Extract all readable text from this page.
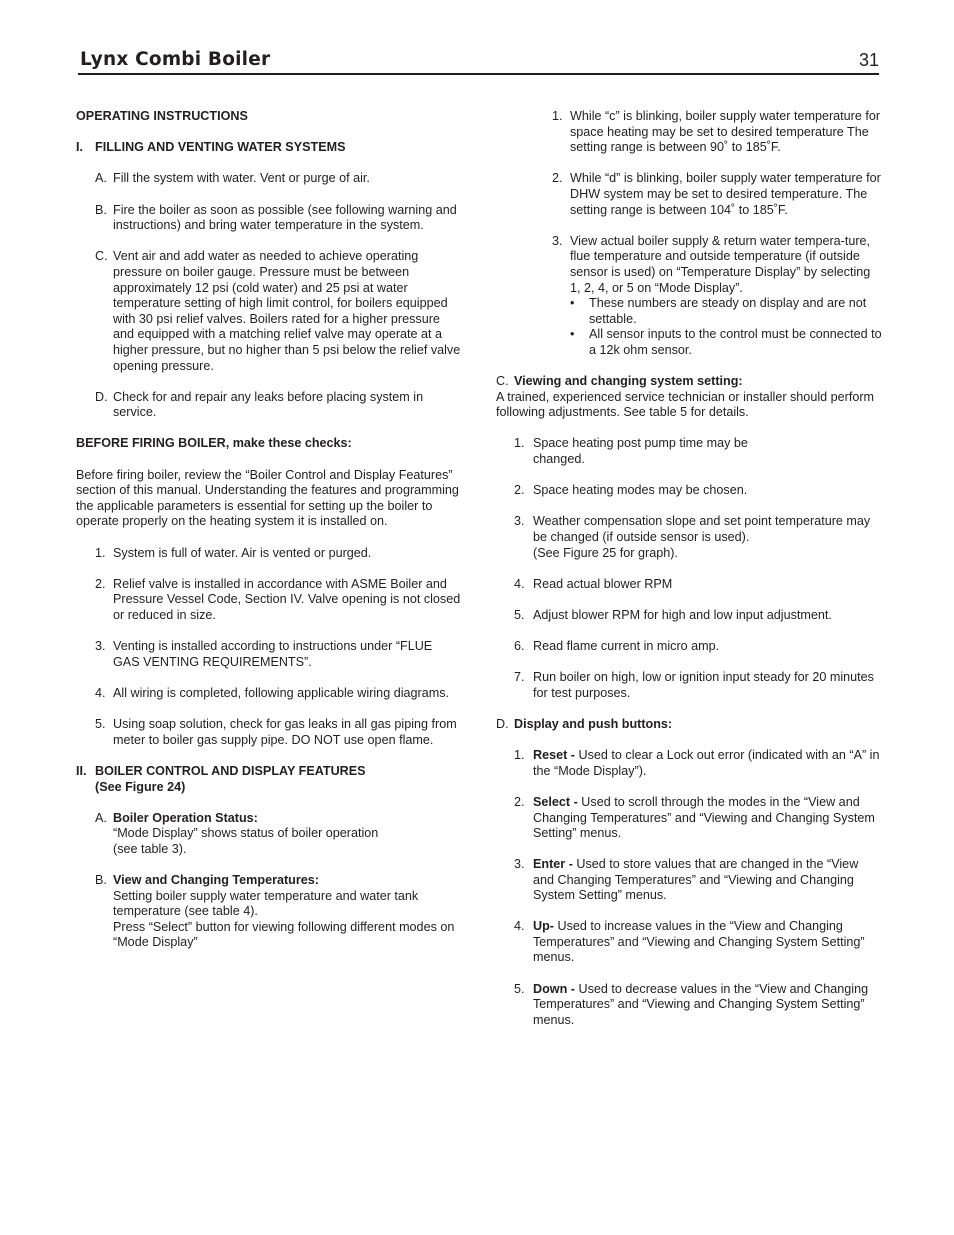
Lynx Combi Boiler	31
OPERATING INSTRUCTIONS
I. FILLING AND VENTING WATER SYSTEMS
A. Fill the system with water. Vent or purge of air.
B. Fire the boiler as soon as possible (see following warning and instructions) and bring water temperature in the system.
C. Vent air and add water as needed to achieve operating pressure on boiler gauge. Pressure must be between approximately 12 psi (cold water) and 25 psi at water temperature setting of high limit control, for boilers equipped with 30 psi relief valves. Boilers rated for a higher pressure and equipped with a matching relief valve may operate at a higher pressure, but no higher than 5 psi below the relief valve opening pressure.
D. Check for and repair any leaks before placing system in service.
BEFORE FIRING BOILER, make these checks:
Before firing boiler, review the “Boiler Control and Display Features” section of this manual. Understanding the features and programming the applicable parameters is essential for setting up the boiler to operate properly on the heating system it is installed on.
1. System is full of water. Air is vented or purged.
2. Relief valve is installed in accordance with ASME Boiler and Pressure Vessel Code, Section IV. Valve opening is not closed or reduced in size.
3. Venting is installed according to instructions under “FLUE GAS VENTING REQUIREMENTS”.
4. All wiring is completed, following applicable wiring diagrams.
5. Using soap solution, check for gas leaks in all gas piping from meter to boiler gas supply pipe. DO NOT use open flame.
II. BOILER CONTROL AND DISPLAY FEATURES
(See Figure 24)
A. Boiler Operation Status:
“Mode Display” shows status of boiler operation
(see table 3).
B. View and Changing Temperatures:
Setting boiler supply water temperature and water tank temperature (see table 4).
Press “Select” button for viewing following different modes on “Mode Display”
1. While “c” is blinking, boiler supply water temperature for space heating may be set to desired temperature The setting range is between 90˚ to 185˚F.
2. While “d” is blinking, boiler supply water temperature for DHW system may be set to desired temperature. The setting range is between 104˚ to 185˚F.
3. View actual boiler supply & return water tempera-ture, flue temperature and outside temperature (if outside sensor is used) on “Temperature Display” by selecting 1, 2, 4, or 5 on “Mode Display”.
•	These numbers are steady on display and are not settable.
•	All sensor inputs to the control must be connected to a 12k ohm sensor.
C. Viewing and changing system setting:
A trained, experienced service technician or installer should perform following adjustments. See table 5 for details.
1. Space heating post pump time may be changed.
2. Space heating modes may be chosen.
3. Weather compensation slope and set point temperature may be changed (if outside sensor is used).
(See Figure 25 for graph).
4. Read actual blower RPM
5. Adjust blower RPM for high and low input adjustment.
6. Read flame current in micro amp.
7. Run boiler on high, low or ignition input steady for 20 minutes for test purposes.
D. Display and push buttons:
1. Reset - Used to clear a Lock out error (indicated with an “A” in the “Mode Display”).
2. Select - Used to scroll through the modes in the “View and Changing Temperatures” and “Viewing and Changing System Setting” menus.
3. Enter - Used to store values that are changed in the “View and Changing Temperatures” and “Viewing and Changing System Setting” menus.
4. Up- Used to increase values in the “View and Changing Temperatures” and “Viewing and Changing System Setting” menus.
5. Down - Used to decrease values in the “View and Changing Temperatures” and “Viewing and Changing System Setting” menus.
